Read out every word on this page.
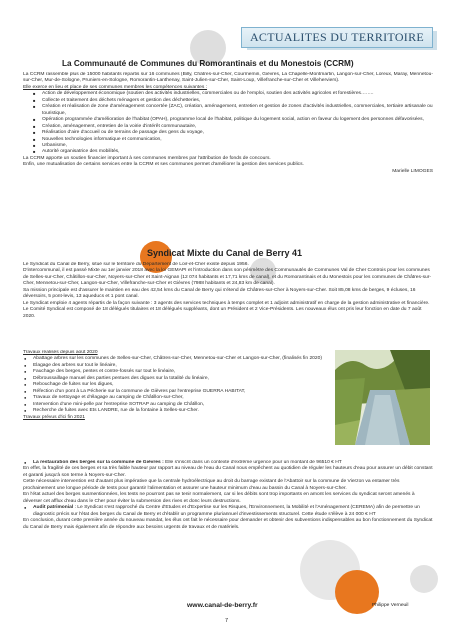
ACTUALITES DU TERRITOIRE
La Communauté de Communes du Romorantinais et du Monestois (CCRM)

La CCRM rassemble plus de 15000 habitants répartis sur 16 communes (Billy, Châtres-sur-Cher, Courmemin, Gièvres, La Chapelle-Montmartin, Langon-sur-Cher, Loreux, Maray, Mennetou-sur-Cher, Mur-de-Sologne, Pruniers-en-Sologne, Romorantin-Lanthenay, Saint-Julien-sur-Cher, Saint-Loup, Villefranche-sur-Cher et Villeherviers).

Elle exerce en lieu et place de ses communes membres les compétences suivantes :

■ Action de développement économique (soutien des activités industrielles, commerciales ou de l'emploi, soutien des activités agricoles et forestières……..
■ Collecte et traitement des déchets ménagers et gestion des déchetteries,
■ Création et réalisation de zone d'aménagement concertée (ZAC), création, aménagement, entretien et gestion de zones d'activités industrielles, commerciales, tertiaire artisanale ou touristique,
■ Opération programmée d'amélioration de l'habitat (OPAH), programme local de l'habitat, politique du logement social, action en faveur du logement des personnes défavorisées,
■ Création, aménagement, entretien de la voirie d'intérêt communautaire,
■ Réalisation d'aire d'accueil ou de terrains de passage des gens du voyage,
■ Nouvelles technologies informatique et communication,
■ Urbanisme,
■ Autorité organisatrice des mobilités,

La CCRM apporte un soutien financier important à ses communes membres par l'attribution de fonds de concours.

Enfin, une mutualisation de certains services entre la CCRM et ses communes permet d'améliorer la gestion des services publics.

Marielle LIMOGES

Syndicat Mixte du Canal de Berry 41

Le Syndicat du Canal de Berry, situé sur le territoire du Département de Loir-et-Cher existe depuis 1956.

D'intercommunal, il est passé Mixte au 1er janvier 2018 avec la loi GEMAPI et l'introduction dans son périmètre des Communautés de Communes Val de Cher Controis pour les communes de Selles-sur-Cher, Châtillon-sur-Cher, Noyers-sur-Cher et Saint-Aignan (12 074 habitants et 17,71 kms de canal), et du Romorantinais et du Monestois pour les communes de Châtres-sur-Cher, Mennetou-sur-Cher, Langon-sur-Cher, Villefranche-sur-Cher et Gièvres (7988 habitants et 24,83 km de canal).

Sa mission principale est d'assurer le maintien en eau des 42,54 kms du Canal de Berry qui s'étend de Châtres-sur-Cher à Noyers-sur-Cher. Soit 85,08 kms de berges, 9 écluses, 16 déversoirs, 5 pont-levis, 13 aqueducs et 1 pont canal.

Le Syndicat emploie 4 agents répartis de la façon suivante : 3 agents des services techniques à temps complet et 1 adjoint administratif en charge de la gestion administrative et financière. Le Comité Syndical est composé de 18 délégués titulaires et 18 délégués suppléants, dont un Président et 2 Vice-Présidents. Les nouveaux élus ont pris leur fonction en date du 7 août 2020.

Travaux réalisés depuis août 2020

● Abattage arbres sur les communes de Selles-sur-Cher, Châtres-sur-Cher, Mennetou-sur-Cher et Langon-sur-Cher, (finalisés fin 2020)
● Elagage des arbres sur tout le linéaire,
● Fauchage des berges, pentes et contre-fossés sur tout le linéaire,
● Débroussaillage manuel des parties pentues des digues sur la totalité du linéaire,
● Rebouchage de fuites sur les digues,
● Réfection d'un pont à La Pécherie sur la commune de Gièvres par l'entreprise GUERRA HABITAT,
● Travaux de nettoyage et d'élagage au camping de Châtillon-sur-Cher,
● Intervention d'une mini-pelle par l'entreprise SOTRAP au camping de Châtillon,
● Recherche de fuites avec Ets LANDRE, rue de la fontaine à Selles-sur-Cher.

Travaux prévus d'ici fin 2021

● La restauration des berges sur la commune de Gièvres : Elle s'inscrit dans un contexte d'extrême urgence pour un montant de 96510 € HT

En effet, la fragilité de ces berges et sa très faible hauteur par rapport au niveau de l'eau du Canal nous empêchent au quotidien de réguler les hauteurs d'eau pour assurer un débit constant et garanti jusqu'à son terme à Noyers-sur-Cher.

Cette nécessaire intervention est d'autant plus impérative que la centrale hydroélectrique au droit du barrage existant de l'Abattoir sur la commune de Vierzon va entamer très prochainement une longue période de tests pour garantir l'alimentation et assurer une hauteur minimum d'eau au bassin du Canal à Noyers-sur-Cher.

En l'état actuel des berges susmentionnées, les tests ne pourront pas se tenir normalement, car si les débits sont trop importants en amont les services du syndicat seront amenés à déverser cet afflux d'eau dans le Cher pour éviter la submersion des rives et donc leurs destructions.

● Audit patrimonial : Le Syndicat s'est rapproché du Centre d'Etudes et d'Expertise sur les Risques, l'Environnement, la Mobilité et l'Aménagement (CEREMA) afin de permettre un diagnostic précis sur l'état des berges du Canal de Berry et d'établir un programme pluriannuel d'investissements structurel. Cette étude s'élève à 24 000 € HT

En conclusion, durant cette première année du nouveau mandat, les élus ont fait le nécessaire pour demander et obtenir des subventions indispensables au bon fonctionnement du Syndicat du Canal de Berry mais également afin de répondre aux besoins urgents de travaux et de matériels.

Philippe Verneuil
www.canal-de-berry.fr
7
